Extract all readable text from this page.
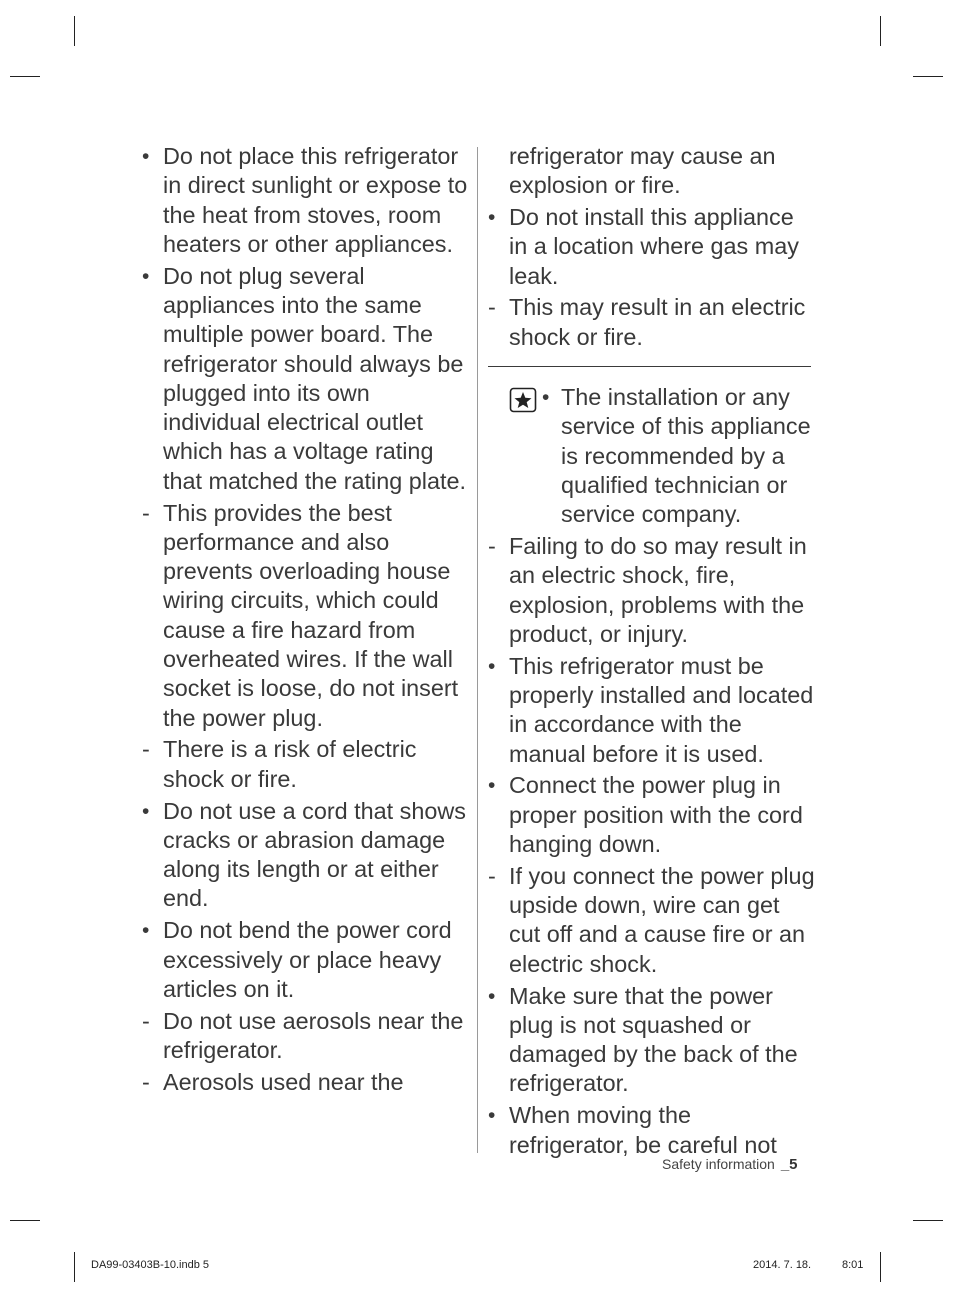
• Do not place this refrigerator in direct sunlight or expose to the heat from stoves, room heaters or other appliances.
• Do not plug several appliances into the same multiple power board. The refrigerator should always be plugged into its own individual electrical outlet which has a voltage rating that matched the rating plate.
- This provides the best performance and also prevents overloading house wiring circuits, which could cause a fire hazard from overheated wires. If the wall socket is loose, do not insert the power plug.
- There is a risk of electric shock or fire.
• Do not use a cord that shows cracks or abrasion damage along its length or at either end.
• Do not bend the power cord excessively or place heavy articles on it.
- Do not use aerosols near the refrigerator.
- Aerosols used near the
refrigerator may cause an explosion or fire.
• Do not install this appliance in a location where gas may leak.
- This may result in an electric shock or fire.
• The installation or any service of this appliance is recommended by a qualified technician or service company.
- Failing to do so may result in an electric shock, fire, explosion, problems with the product, or injury.
• This refrigerator must be properly installed and located in accordance with the manual before it is used.
• Connect the power plug in proper position with the cord hanging down.
- If you connect the power plug upside down, wire can get cut off and a cause fire or an electric shock.
• Make sure that the power plug is not squashed or damaged by the back of the refrigerator.
• When moving the refrigerator, be careful not
Safety information _5
DA99-03403B-10.indb 5	2014. 7. 18.	8:01
